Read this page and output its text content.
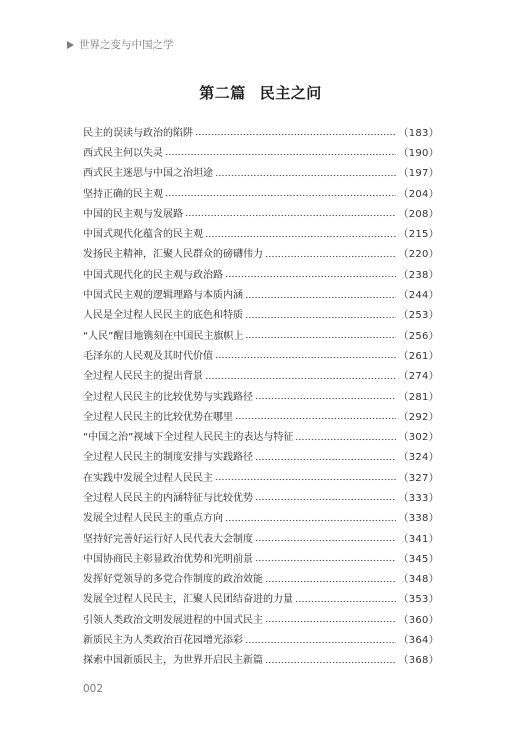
世界之变与中国之学
第二篇 民主之问
民主的误读与政治的陷阱	（183）
西式民主何以失灵	（190）
西式民主迷思与中国之治坦途	（197）
坚持正确的民主观	（204）
中国的民主观与发展路	（208）
中国式现代化蕴含的民主观	（215）
发扬民主精神，汇聚人民群众的磅礴伟力	（220）
中国式现代化的民主观与政治路	（238）
中国式民主观的逻辑理路与本质内涵	（244）
人民是全过程人民民主的底色和特质	（253）
“人民”醒目地镌刻在中国民主旗帜上	（256）
毛泽东的人民观及其时代价值	（261）
全过程人民民主的提出背景	（274）
全过程人民民主的比较优势与实践路径	（281）
全过程人民民主的比较优势在哪里	（292）
“中国之治”视域下全过程人民民主的表达与特征	（302）
全过程人民民主的制度安排与实践路径	（324）
在实践中发展全过程人民民主	（327）
全过程人民民主的内涵特征与比较优势	（333）
发展全过程人民民主的重点方向	（338）
坚持好完善好运行好人民代表大会制度	（341）
中国协商民主彰显政治优势和光明前景	（345）
发挥好党领导的多党合作制度的政治效能	（348）
发展全过程人民民主，汇聚人民团结奋进的力量	（353）
引领人类政治文明发展进程的中国式民主	（360）
新质民主为人类政治百花园增光添彩	（364）
探索中国新质民主，为世界开启民主新篇	（368）
002
